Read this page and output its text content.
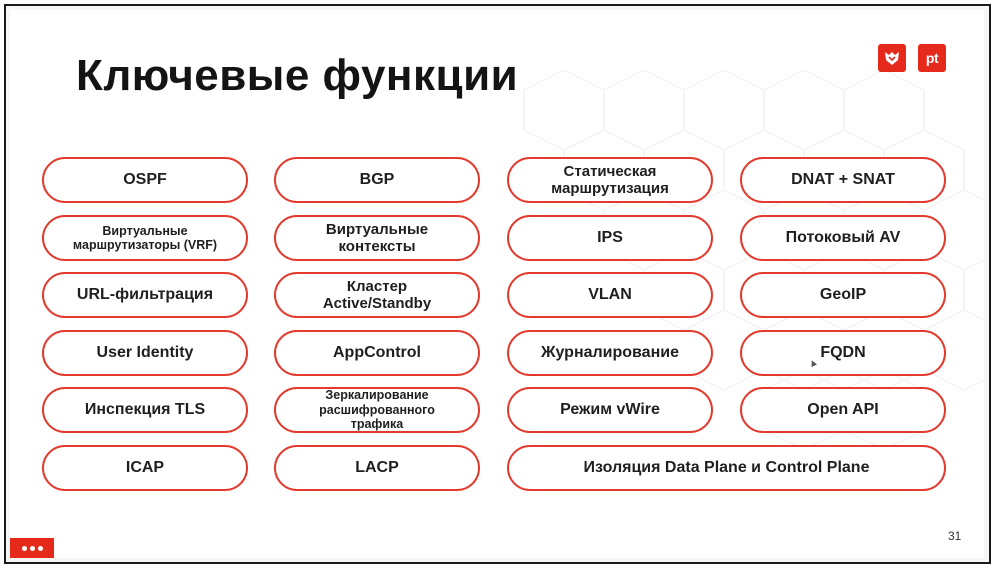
Ключевые функции	pt
OSPF	BGP	Статическая
маршрутизация
DNAT + SNAT
Виртуальные
маршрутизаторы (VRF)
Виртуальные
контексты
IPS	Потоковый AV
URL-фильтрация	Кластер
Active/Standby
VLAN	GeoIP
User Identity	AppControl	Журналирование	FQDN
Инспекция TLS
Зеркалирование
расшифрованного
трафика
Режим vWire	Open API
ICAP	LACP	Изоляция Data Plane и Control Plane
31
